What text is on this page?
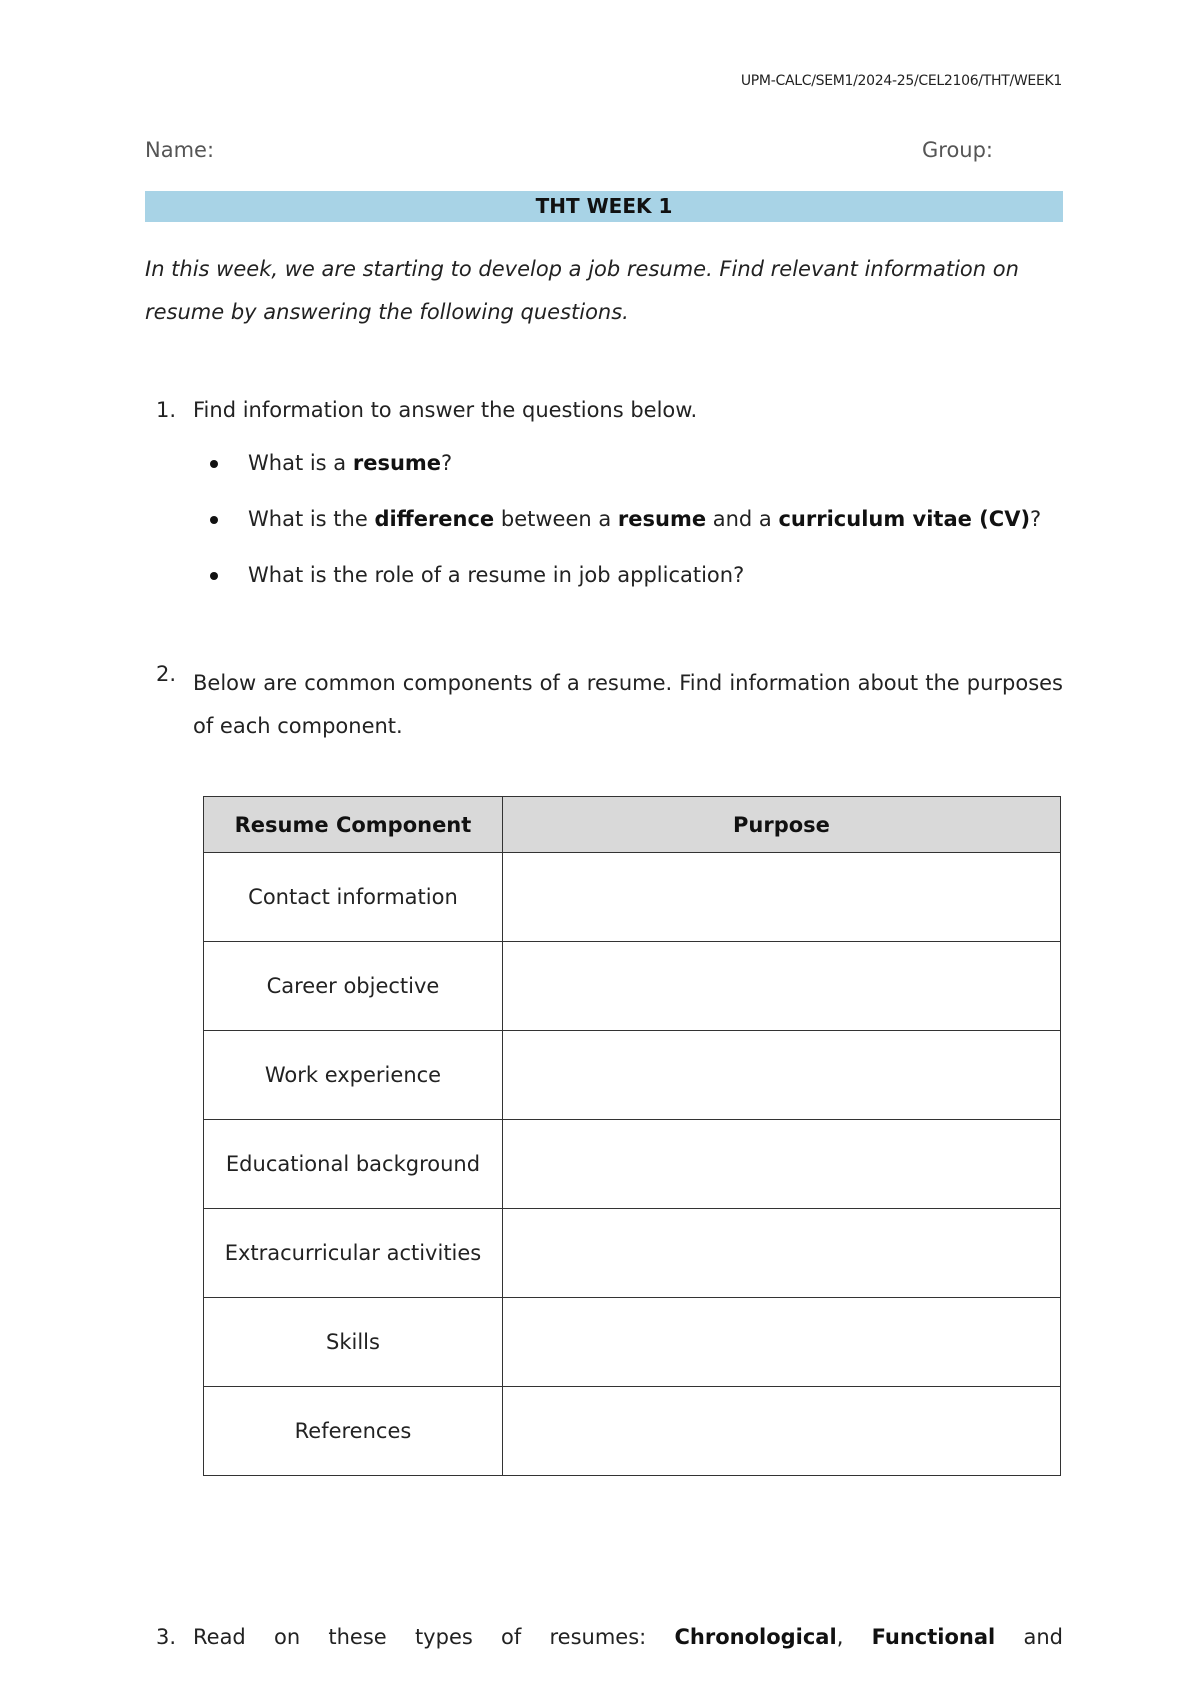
UPM-CALC/SEM1/2024-25/CEL2106/THT/WEEK1
Name:	Group:
THT WEEK 1
In this week, we are starting to develop a job resume. Find relevant information on resume by answering the following questions.
1. Find information to answer the questions below.
What is a resume?
What is the difference between a resume and a curriculum vitae (CV)?
What is the role of a resume in job application?
2. Below are common components of a resume. Find information about the purposes of each component.
Resume Component	Purpose
Contact information	
Career objective	
Work experience	
Educational background	
Extracurricular activities	
Skills	
References	
3. Read on these types of resumes: Chronological, Functional and
